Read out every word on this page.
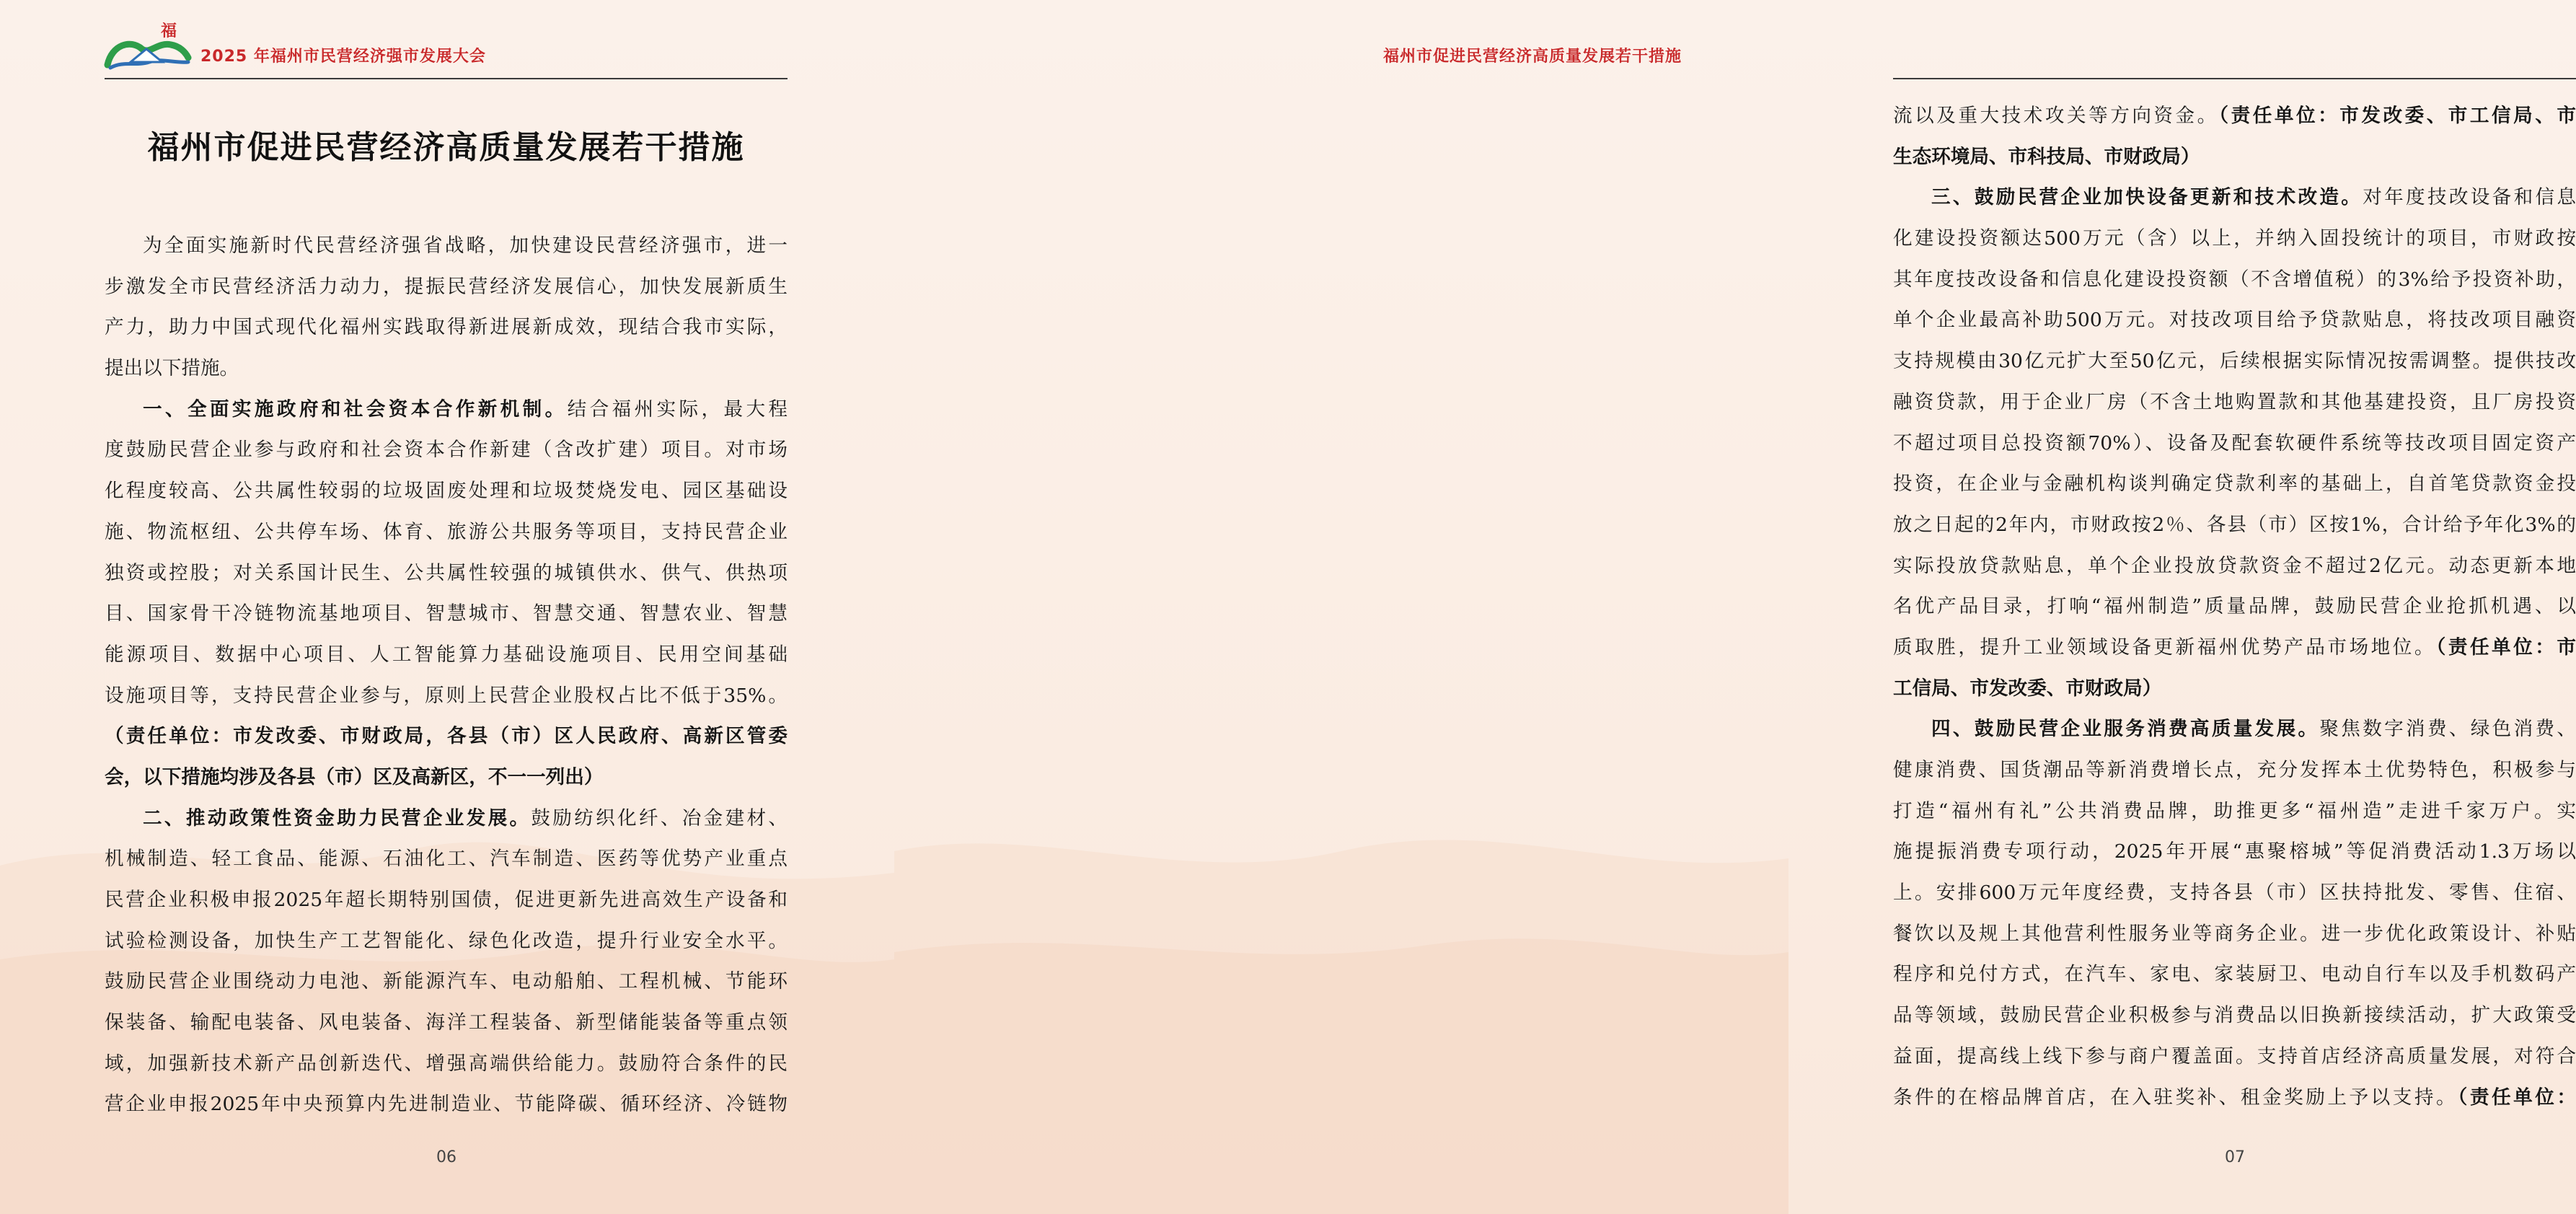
福
2025 年福州市民营经济强市发展大会
福州市促进民营经济高质量发展若干措施
为全面实施新时代民营经济强省战略，加快建设民营经济强市，进一
步激发全市民营经济活力动力，提振民营经济发展信心，加快发展新质生
产力，助力中国式现代化福州实践取得新进展新成效，现结合我市实际，
提出以下措施。
一、全面实施政府和社会资本合作新机制。结合福州实际，最大程
度鼓励民营企业参与政府和社会资本合作新建（含改扩建）项目。对市场
化程度较高、公共属性较弱的垃圾固废处理和垃圾焚烧发电、园区基础设
施、物流枢纽、公共停车场、体育、旅游公共服务等项目，支持民营企业
独资或控股；对关系国计民生、公共属性较强的城镇供水、供气、供热项
目、国家骨干冷链物流基地项目、智慧城市、智慧交通、智慧农业、智慧
能源项目、数据中心项目、人工智能算力基础设施项目、民用空间基础
设施项目等，支持民营企业参与，原则上民营企业股权占比不低于35%。
（责任单位：市发改委、市财政局，各县（市）区人民政府、高新区管委
会，以下措施均涉及各县（市）区及高新区，不一一列出）
二、推动政策性资金助力民营企业发展。鼓励纺织化纤、冶金建材、
机械制造、轻工食品、能源、石油化工、汽车制造、医药等优势产业重点
民营企业积极申报2025年超长期特别国债，促进更新先进高效生产设备和
试验检测设备，加快生产工艺智能化、绿色化改造，提升行业安全水平。
鼓励民营企业围绕动力电池、新能源汽车、电动船舶、工程机械、节能环
保装备、输配电装备、风电装备、海洋工程装备、新型储能装备等重点领
域，加强新技术新产品创新迭代、增强高端供给能力。鼓励符合条件的民
营企业申报2025年中央预算内先进制造业、节能降碳、循环经济、冷链物
06
福州市促进民营经济高质量发展若干措施
流以及重大技术攻关等方向资金。（责任单位：市发改委、市工信局、市
生态环境局、市科技局、市财政局）
三、鼓励民营企业加快设备更新和技术改造。对年度技改设备和信息
化建设投资额达500万元（含）以上，并纳入固投统计的项目，市财政按
其年度技改设备和信息化建设投资额（不含增值税）的3%给予投资补助，
单个企业最高补助500万元。对技改项目给予贷款贴息，将技改项目融资
支持规模由30亿元扩大至50亿元，后续根据实际情况按需调整。提供技改
融资贷款，用于企业厂房（不含土地购置款和其他基建投资，且厂房投资
不超过项目总投资额70%）、设备及配套软硬件系统等技改项目固定资产
投资，在企业与金融机构谈判确定贷款利率的基础上，自首笔贷款资金投
放之日起的2年内，市财政按2％、各县（市）区按1%，合计给予年化3%的
实际投放贷款贴息，单个企业投放贷款资金不超过2亿元。动态更新本地
名优产品目录，打响“福州制造”质量品牌，鼓励民营企业抢抓机遇、以
质取胜，提升工业领域设备更新福州优势产品市场地位。（责任单位：市
工信局、市发改委、市财政局）
四、鼓励民营企业服务消费高质量发展。聚焦数字消费、绿色消费、
健康消费、国货潮品等新消费增长点，充分发挥本土优势特色，积极参与
打造“福州有礼”公共消费品牌，助推更多“福州造”走进千家万户。实
施提振消费专项行动，2025年开展“惠聚榕城”等促消费活动1.3万场以
上。安排600万元年度经费，支持各县（市）区扶持批发、零售、住宿、
餐饮以及规上其他营利性服务业等商务企业。进一步优化政策设计、补贴
程序和兑付方式，在汽车、家电、家装厨卫、电动自行车以及手机数码产
品等领域，鼓励民营企业积极参与消费品以旧换新接续活动，扩大政策受
益面，提高线上线下参与商户覆盖面。支持首店经济高质量发展，对符合
条件的在榕品牌首店，在入驻奖补、租金奖励上予以支持。（责任单位：
07
